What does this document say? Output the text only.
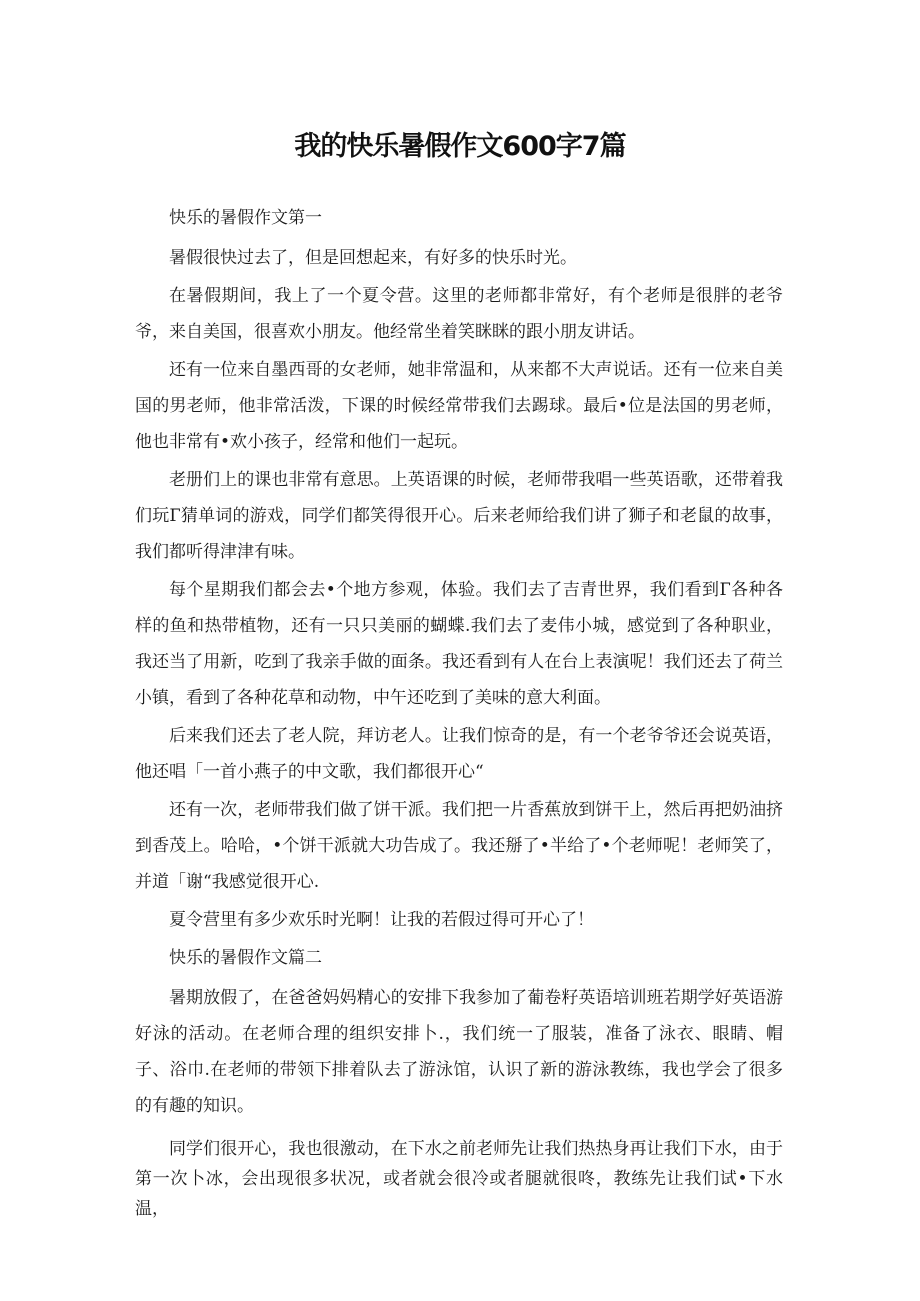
我的快乐暑假作文600字7篇

快乐的暑假作文第一

暑假很快过去了，但是回想起来，有好多的快乐时光。

在暑假期间，我上了一个夏令营。这里的老师都非常好，有个老师是很胖的老爷爷，来自美国，很喜欢小朋友。他经常坐着笑眯眯的跟小朋友讲话。

还有一位来自墨西哥的女老师，她非常温和，从来都不大声说话。还有一位来自美国的男老师，他非常活泼，下课的时候经常带我们去踢球。最后•位是法国的男老师，他也非常有•欢小孩子，经常和他们一起玩。

老册们上的课也非常有意思。上英语课的时候，老师带我唱一些英语歌，还带着我们玩Г猜单词的游戏，同学们都笑得很开心。后来老师给我们讲了狮子和老鼠的故事，我们都听得津津有味。

每个星期我们都会去•个地方参观，体验。我们去了吉青世界，我们看到Г各种各样的鱼和热带植物，还有一只只美丽的蝴蝶.我们去了麦伟小城，感觉到了各种职业，我还当了用新，吃到了我亲手做的面条。我还看到有人在台上表演呢！我们还去了荷兰小镇，看到了各种花草和动物，中午还吃到了美味的意大利面。

后来我们还去了老人院，拜访老人。让我们惊奇的是，有一个老爷爷还会说英语，他还唱「一首小燕子的中文歌，我们都很开心“

还有一次，老师带我们做了饼干派。我们把一片香蕉放到饼干上，然后再把奶油挤到香茂上。哈哈，•个饼干派就大功告成了。我还掰了•半给了•个老师呢！老师笑了，并道「谢“我感觉很开心.

夏令营里有多少欢乐时光啊！让我的若假过得可开心了！

快乐的暑假作文篇二

暑期放假了，在爸爸妈妈精心的安排下我参加了葡卷籽英语培训班若期学好英语游好泳的活动。在老师合理的组织安排卜.，我们统一了服装，准备了泳衣、眼睛、帽子、浴巾.在老师的带领下排着队去了游泳馆，认识了新的游泳教练，我也学会了很多的有趣的知识。

同学们很开心，我也很激动，在下水之前老师先让我们热热身再让我们下水，由于第一次卜冰，会出现很多状况，或者就会很冷或者腿就很咚，教练先让我们试•下水温，
